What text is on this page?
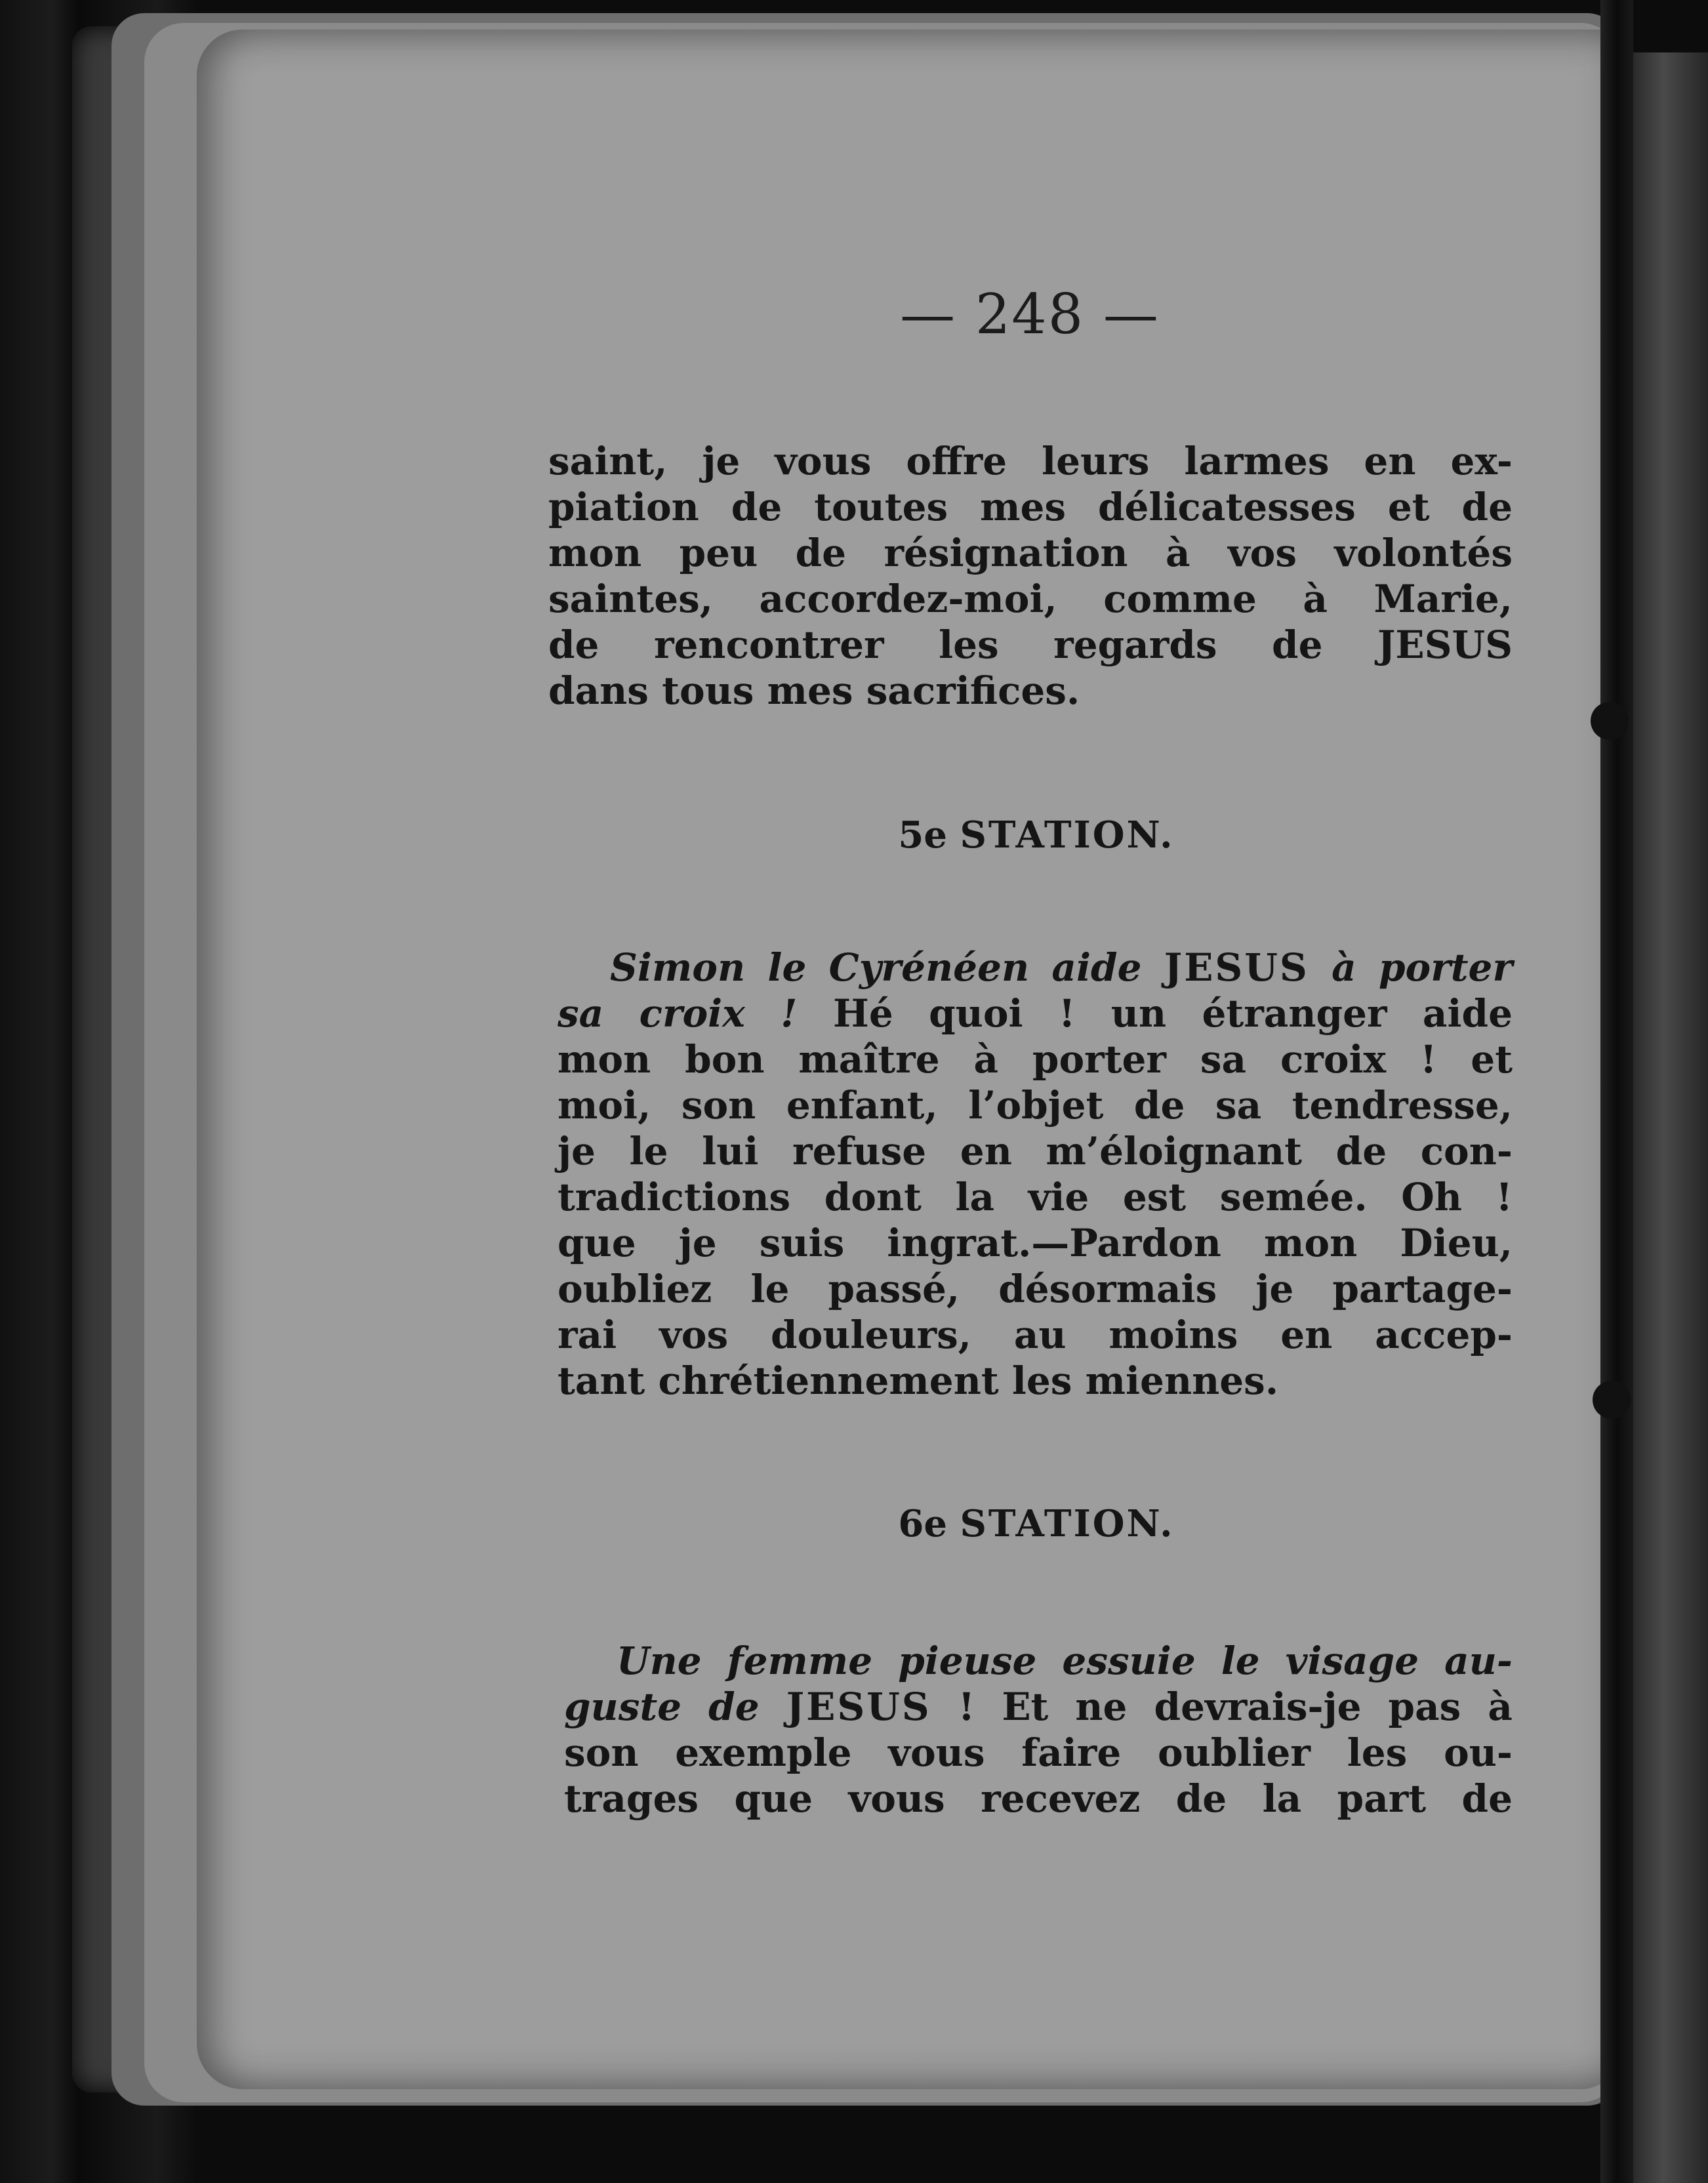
— 248 —
saint, je vous offre leurs larmes en ex-
piation de toutes mes délicatesses et de
mon peu de résignation à vos volontés
saintes, accordez-moi, comme à Marie,
de rencontrer les regards de JESUS
dans tous mes sacrifices.
5e STATION.
Simon le Cyrénéen aide JESUS à porter
sa croix ! Hé quoi ! un étranger aide
mon bon maître à porter sa croix ! et
moi, son enfant, l’objet de sa tendresse,
je le lui refuse en m’éloignant de con-
tradictions dont la vie est semée. Oh !
que je suis ingrat.—Pardon mon Dieu,
oubliez le passé, désormais je partage-
rai vos douleurs, au moins en accep-
tant chrétiennement les miennes.
6e STATION.
Une femme pieuse essuie le visage au-
guste de JESUS ! Et ne devrais-je pas à
son exemple vous faire oublier les ou-
trages que vous recevez de la part de
